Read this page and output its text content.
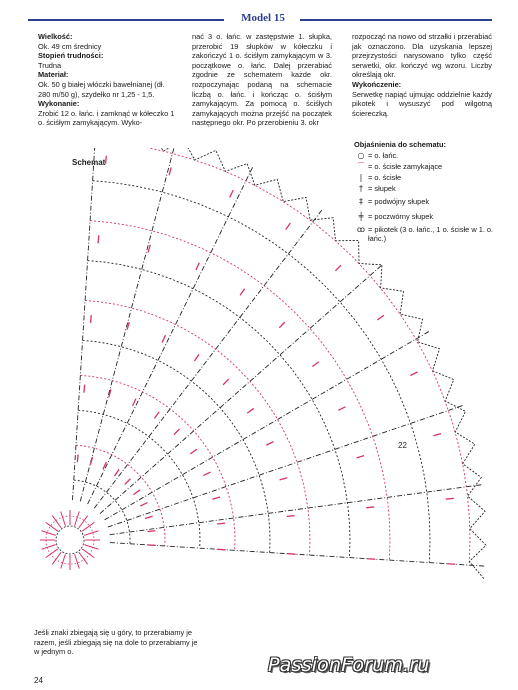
Model 15

Wielkość:

Ok. 49 cm średnicy

Stopień trudności:

Trudna

Materiał:

Ok. 50 g białej włóczki bawełnianej (dł. 280 m/50 g), szydełko nr 1,25 - 1,5.

Wykonanie:

Zrobić 12 o. łańc. i zamknąć w kółeczko 1 o. ściśłym zamykającym. Wyko-

nać 3 o. łańc. w zastępstwie 1. słupka, przerobić 19 słupków w kółeczku i zakończyć 1 o. ściśłym zamykającym w 3. początkowe o. łańc. Dalej przerabiać zgodnie ze schematem każde okr. rozpoczynając podaną na schemacie liczbą o. łańc. i kończąc o. ściśłym zamykającym. Za pomocą o. ściśłych zamykających można przejść na początek następnego okr. Po przerobieniu 3. okr

rozpocząć na nowo od strzałki i przerabiać jak oznaczono. Dla uzyskania lepszej przejrzystości narysowano tylko część serwetki, okr. kończyć wg wzoru. Liczby określają okr.

Wykończenie:

Serwetkę napiąć ujmując oddzielnie każdy pikotek i wysuszyć pod wilgotną ściereczką.

Schemat
22
Objaśnienia do schematu:
○ = o. łańc.
⌒ = o. ścisłe zamykające
| = o. ścisłe
† = słupek
‡ = podwójny słupek
╪ = poczwórny słupek
ꝏ = pikotek (3 o. łańc., 1 o. ścisłe w 1. o. łańc.)
Jeśli znaki zbiegają się u góry, to przerabiamy je razem, jeśli zbiegają się na dole to przerabiamy je w jednym o.
24
PassionForum.ru
